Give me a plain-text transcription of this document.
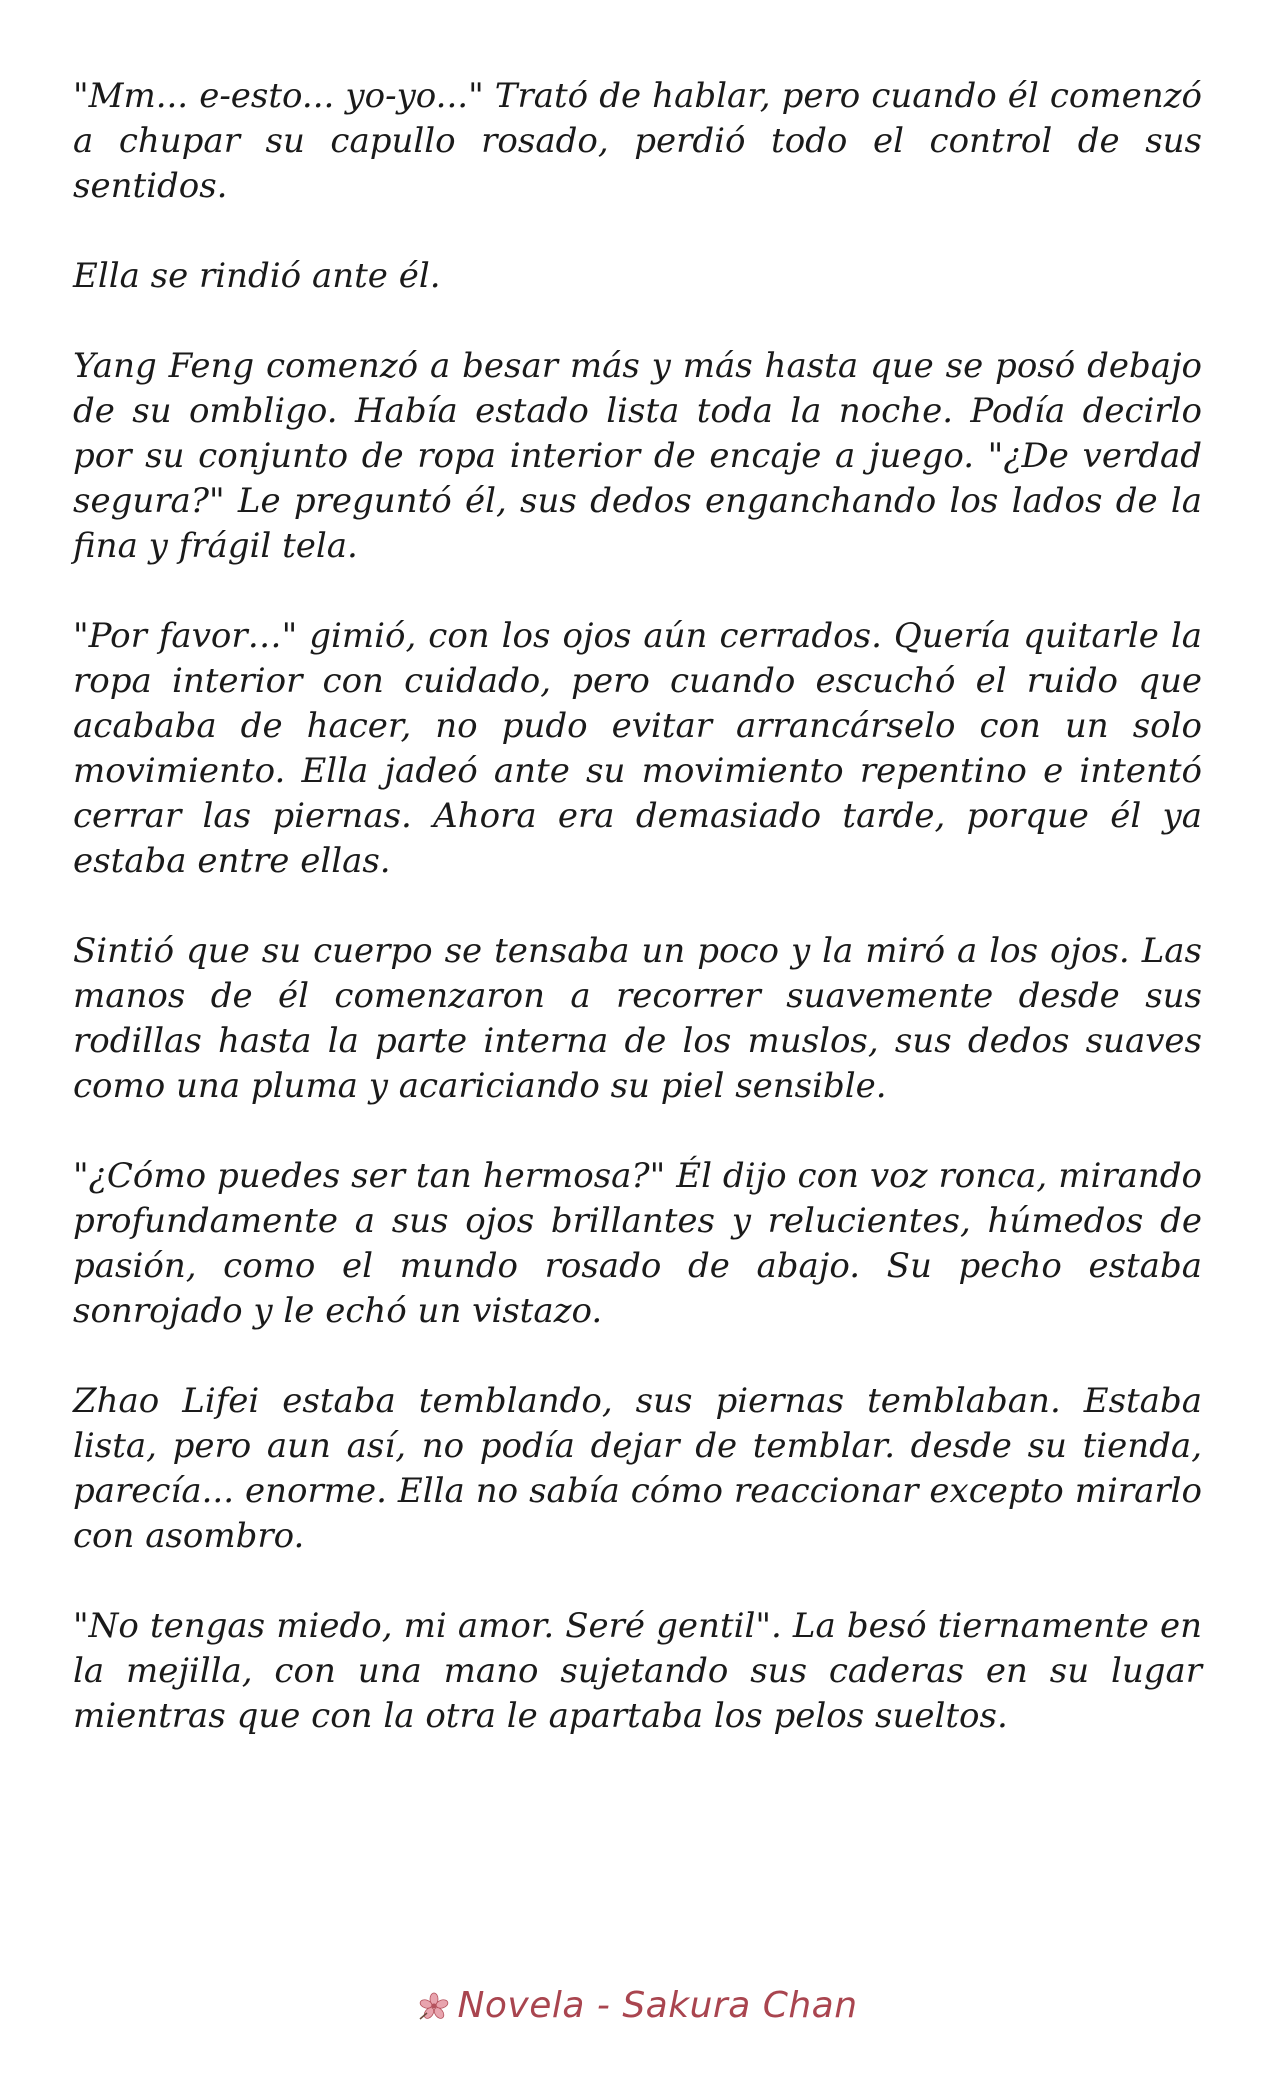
"Mm... e-esto... yo-yo..." Trató de hablar, pero cuando él comenzó a chupar su capullo rosado, perdió todo el control de sus sentidos.

Ella se rindió ante él.

Yang Feng comenzó a besar más y más hasta que se posó debajo de su ombligo. Había estado lista toda la noche. Podía decirlo por su conjunto de ropa interior de encaje a juego. "¿De verdad segura?" Le preguntó él, sus dedos enganchando los lados de la fina y frágil tela.

"Por favor…" gimió, con los ojos aún cerrados. Quería quitarle la ropa interior con cuidado, pero cuando escuchó el ruido que acababa de hacer, no pudo evitar arrancárselo con un solo movimiento. Ella jadeó ante su movimiento repentino e intentó cerrar las piernas. Ahora era demasiado tarde, porque él ya estaba entre ellas.

Sintió que su cuerpo se tensaba un poco y la miró a los ojos. Las manos de él comenzaron a recorrer suavemente desde sus rodillas hasta la parte interna de los muslos, sus dedos suaves como una pluma y acariciando su piel sensible.

"¿Cómo puedes ser tan hermosa?" Él dijo con voz ronca, mirando profundamente a sus ojos brillantes y relucientes, húmedos de pasión, como el mundo rosado de abajo. Su pecho estaba sonrojado y le echó un vistazo.

Zhao Lifei estaba temblando, sus piernas temblaban. Estaba lista, pero aun así, no podía dejar de temblar. desde su tienda, parecía... enorme. Ella no sabía cómo reaccionar excepto mirarlo con asombro.

"No tengas miedo, mi amor. Seré gentil". La besó tiernamente en la mejilla, con una mano sujetando sus caderas en su lugar mientras que con la otra le apartaba los pelos sueltos.

Novela - Sakura Chan
